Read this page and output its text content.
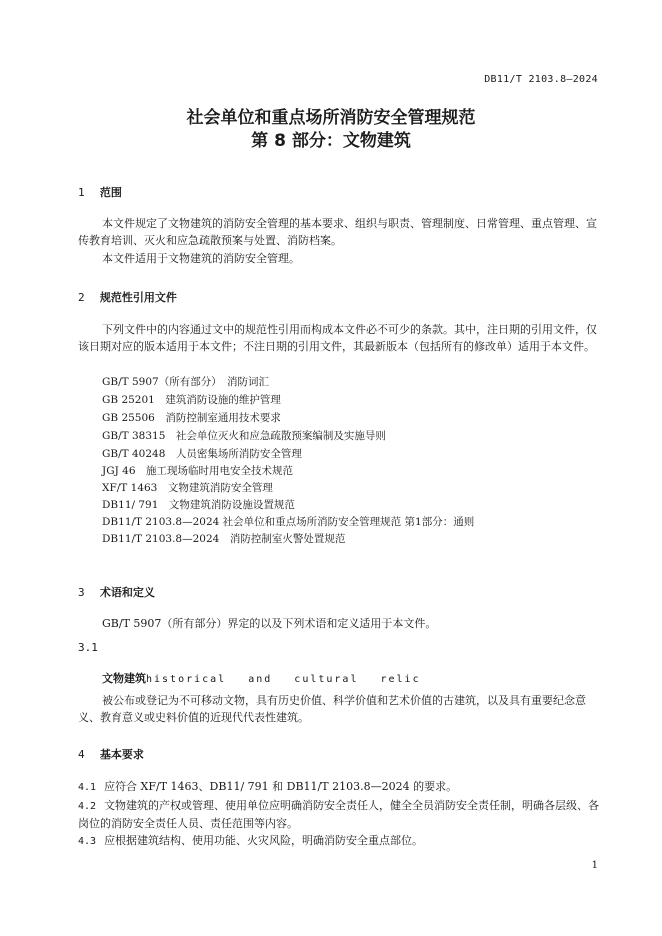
DB11/T 2103.8—2024
社会单位和重点场所消防安全管理规范
第 8 部分：文物建筑
1 范围
本文件规定了文物建筑的消防安全管理的基本要求、组织与职责、管理制度、日常管理、重点管理、宣传教育培训、灭火和应急疏散预案与处置、消防档案。
本文件适用于文物建筑的消防安全管理。
2 规范性引用文件
下列文件中的内容通过文中的规范性引用而构成本文件必不可少的条款。其中，注日期的引用文件，仅该日期对应的版本适用于本文件；不注日期的引用文件，其最新版本（包括所有的修改单）适用于本文件。
GB/T 5907（所有部分）　消防词汇
GB 25201　建筑消防设施的维护管理
GB 25506　消防控制室通用技术要求
GB/T 38315　社会单位灭火和应急疏散预案编制及实施导则
GB/T 40248　人员密集场所消防安全管理
JGJ 46　施工现场临时用电安全技术规范
XF/T 1463　文物建筑消防安全管理
DB11/ 791　文物建筑消防设施设置规范
DB11/T 2103.8—2024 社会单位和重点场所消防安全管理规范 第1部分：通则
DB11/T 2103.8—2024　消防控制室火警处置规范
3 术语和定义
GB/T 5907（所有部分）界定的以及下列术语和定义适用于本文件。
3.1
文物建筑historical and cultural relic
被公布或登记为不可移动文物，具有历史价值、科学价值和艺术价值的古建筑，以及具有重要纪念意义、教育意义或史料价值的近现代代表性建筑。
4 基本要求
4.1 应符合 XF/T 1463、DB11/ 791 和 DB11/T 2103.8—2024 的要求。
4.2 文物建筑的产权或管理、使用单位应明确消防安全责任人，健全全员消防安全责任制，明确各层级、各岗位的消防安全责任人员、责任范围等内容。
4.3 应根据建筑结构、使用功能、火灾风险，明确消防安全重点部位。
1
